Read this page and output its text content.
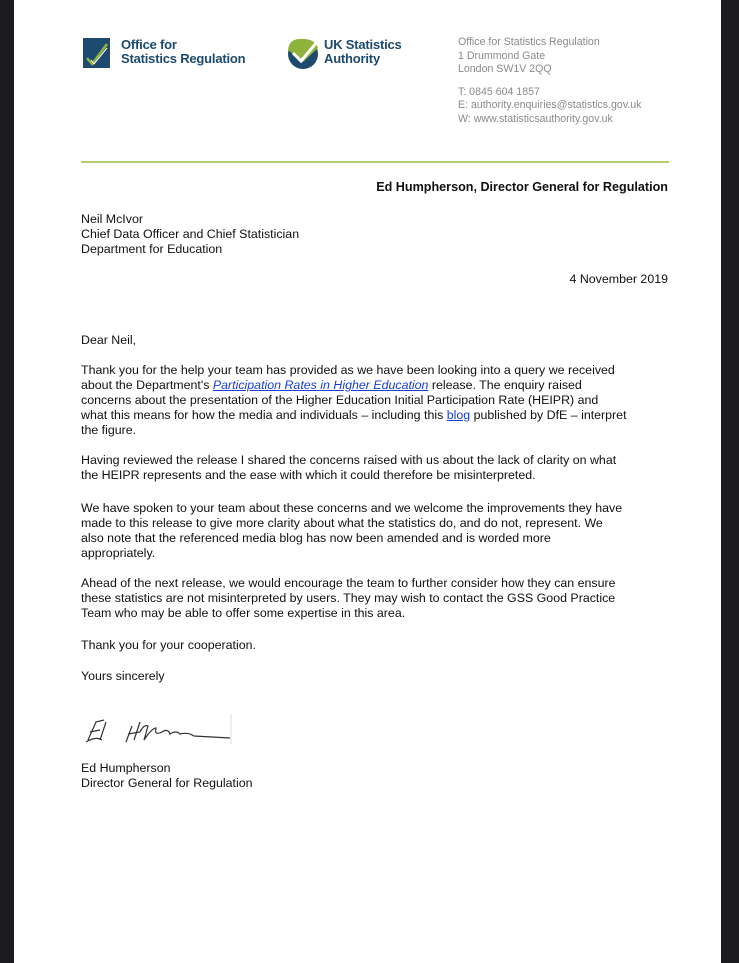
Office for
Statistics Regulation
UK Statistics
Authority
Office for Statistics Regulation
1 Drummond Gate
London SW1V 2QQ
T: 0845 604 1857
E: authority.enquiries@statistics.gov.uk
W: www.statisticsauthority.gov.uk
Ed Humpherson, Director General for Regulation
Neil McIvor
Chief Data Officer and Chief Statistician
Department for Education
4 November 2019
Dear Neil,
Thank you for the help your team has provided as we have been looking into a query we received
about the Department's Participation Rates in Higher Education release. The enquiry raised
concerns about the presentation of the Higher Education Initial Participation Rate (HEIPR) and
what this means for how the media and individuals – including this blog published by DfE – interpret
the figure.
Having reviewed the release I shared the concerns raised with us about the lack of clarity on what
the HEIPR represents and the ease with which it could therefore be misinterpreted.
We have spoken to your team about these concerns and we welcome the improvements they have
made to this release to give more clarity about what the statistics do, and do not, represent. We
also note that the referenced media blog has now been amended and is worded more
appropriately.
Ahead of the next release, we would encourage the team to further consider how they can ensure
these statistics are not misinterpreted by users. They may wish to contact the GSS Good Practice
Team who may be able to offer some expertise in this area.
Thank you for your cooperation.
Yours sincerely
Ed Humpherson
Director General for Regulation
